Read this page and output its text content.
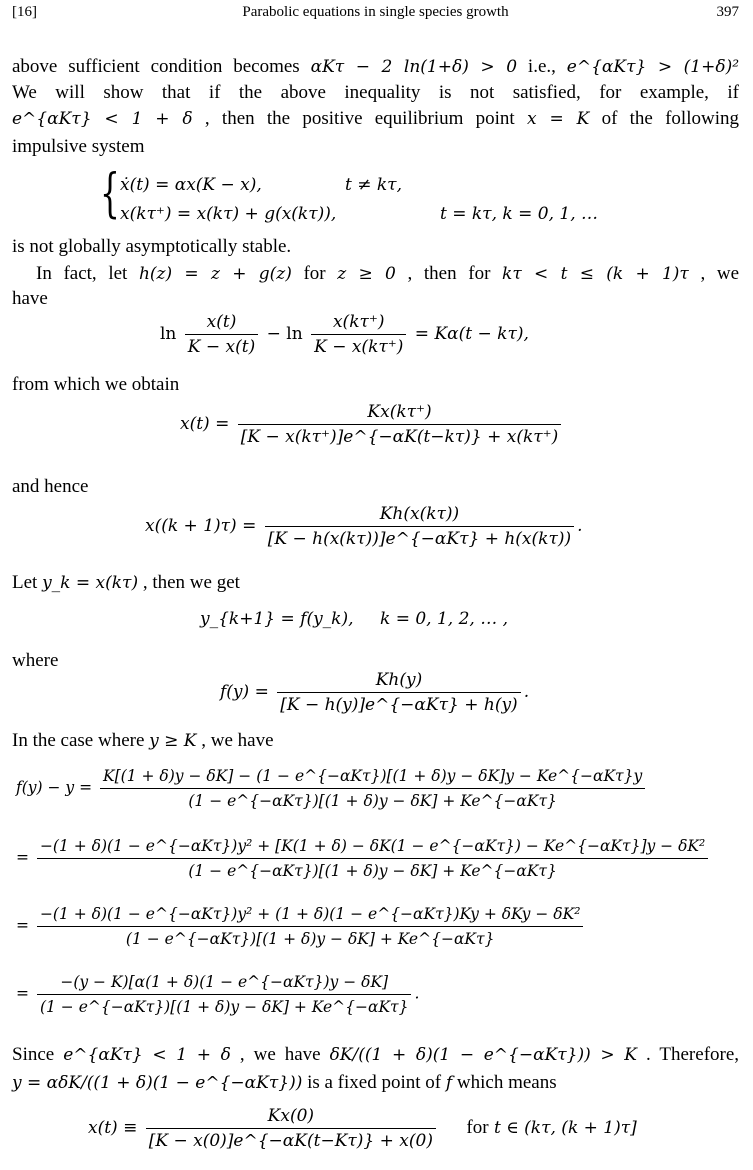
[16]	Parabolic equations in single species growth	397
above sufficient condition becomes αKτ − 2 ln(1+δ) > 0 i.e., e^{αKτ} > (1+δ)²
We will show that if the above inequality is not satisfied, for example, if
e^{αKτ} < 1 + δ , then the positive equilibrium point x = K of the following
impulsive system
{ ẋ(t) = αx(K − x),	t ≠ kτ,
x(kτ⁺) = x(kτ) + g(x(kτ)),	t = kτ, k = 0, 1, …
is not globally asymptotically stable.
In fact, let h(z) = z + g(z) for z ≥ 0 , then for kτ < t ≤ (k + 1)τ , we
have
$\ln \frac{x(t)}{K - x(t)} - \ln \frac{x(k\tau^+)}{K - x(k\tau^+)} = K\alpha(t - k\tau)$,
from which we obtain
$x(t) = \frac{Kx(k\tau^+)}{[K - x(k\tau^+)]e\^{}\{-\alpha K(t-k\tau)\} + x(k\tau^+)}$
and hence
$x((k + 1)\tau) = \frac{Kh(x(k\tau))}{\text{[K − h(x(kτ))]e\textasciicircum{}\{−αKτ\} + h(x(kτ))}}$ .
Let y_k = x(kτ) , then we get
y_{k+1} = f(y_k), k = 0, 1, 2, … ,
where
$f(y) = \frac{Kh(y)}{\text{[K − h(y)]e\textasciicircum{}\{−αKτ\} + h(y)}}$ .
In the case where y ≥ K , we have
f(y) − y =
K[(1 + δ)y − δK] − (1 − e^{−αKτ})[(1 + δ)y − δK]y − Ke^{−αKτ}y
(1 − e^{−αKτ})[(1 + δ)y − δK] + Ke^{−αKτ}
=
−(1 + δ)(1 − e^{−αKτ})y² + [K(1 + δ) − δK(1 − e^{−αKτ}) − Ke^{−αKτ}]y − δK²
(1 − e^{−αKτ})[(1 + δ)y − δK] + Ke^{−αKτ}
=
−(1 + δ)(1 − e^{−αKτ})y² + (1 + δ)(1 − e^{−αKτ})Ky + δKy − δK²
(1 − e^{−αKτ})[(1 + δ)y − δK] + Ke^{−αKτ}
= $\frac{\text{−(y − K)[α(1 + δ)(1 − e\textasciicircum{}\{−αKτ\})y − δK]}}{\text{(1 − e\textasciicircum{}\{−αKτ\})[(1 + δ)y − δK] + Ke\textasciicircum{}\{−αKτ\}}}$ .
Since e^{αKτ} < 1 + δ , we have δK/((1 + δ)(1 − e^{−αKτ})) > K . Therefore,
y = αδK/((1 + δ)(1 − e^{−αKτ})) is a fixed point of f which means
$x(t) \equiv \frac{Kx(0)}{[K - x(0)]e\^{}\{-\alpha K(t-K\tau)\} + x(0)}$ for t ∈ (kτ, (k + 1)τ]
